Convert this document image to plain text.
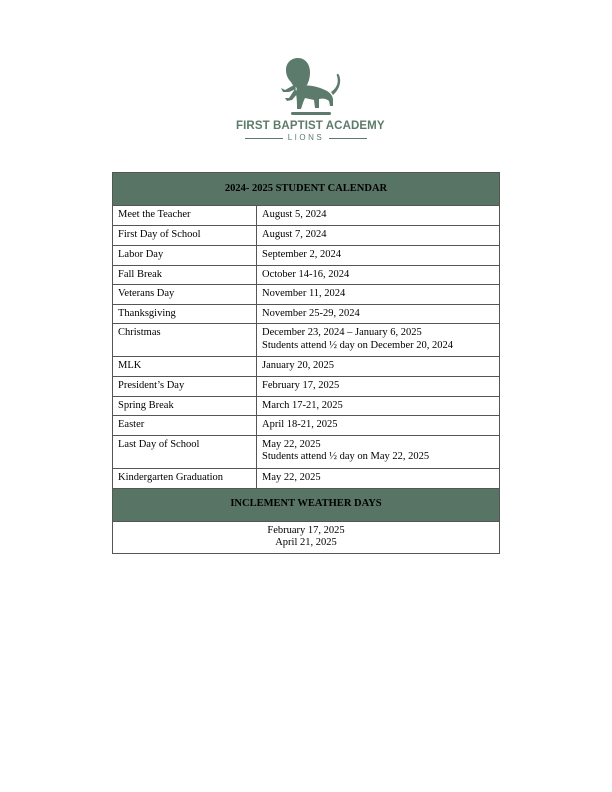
FIRST BAPTIST ACADEMY
LIONS
2024- 2025 STUDENT CALENDAR	
Meet the Teacher	August 5, 2024

First Day of School	August 7, 2024

Labor Day	September 2, 2024

Fall Break	October 14-16, 2024

Veterans Day	November 11, 2024

Thanksgiving	November 25-29, 2024

Christmas	December 23, 2024 – January 6, 2025
Students attend ½ day on December 20, 2024

MLK	January 20, 2025

President’s Day	February 17, 2025

Spring Break	March 17-21, 2025

Easter	April 18-21, 2025

Last Day of School	May 22, 2025
Students attend ½ day on May 22, 2025

Kindergarten Graduation	May 22, 2025

INCLEMENT WEATHER DAYS	

February 17, 2025
April 21, 2025	
